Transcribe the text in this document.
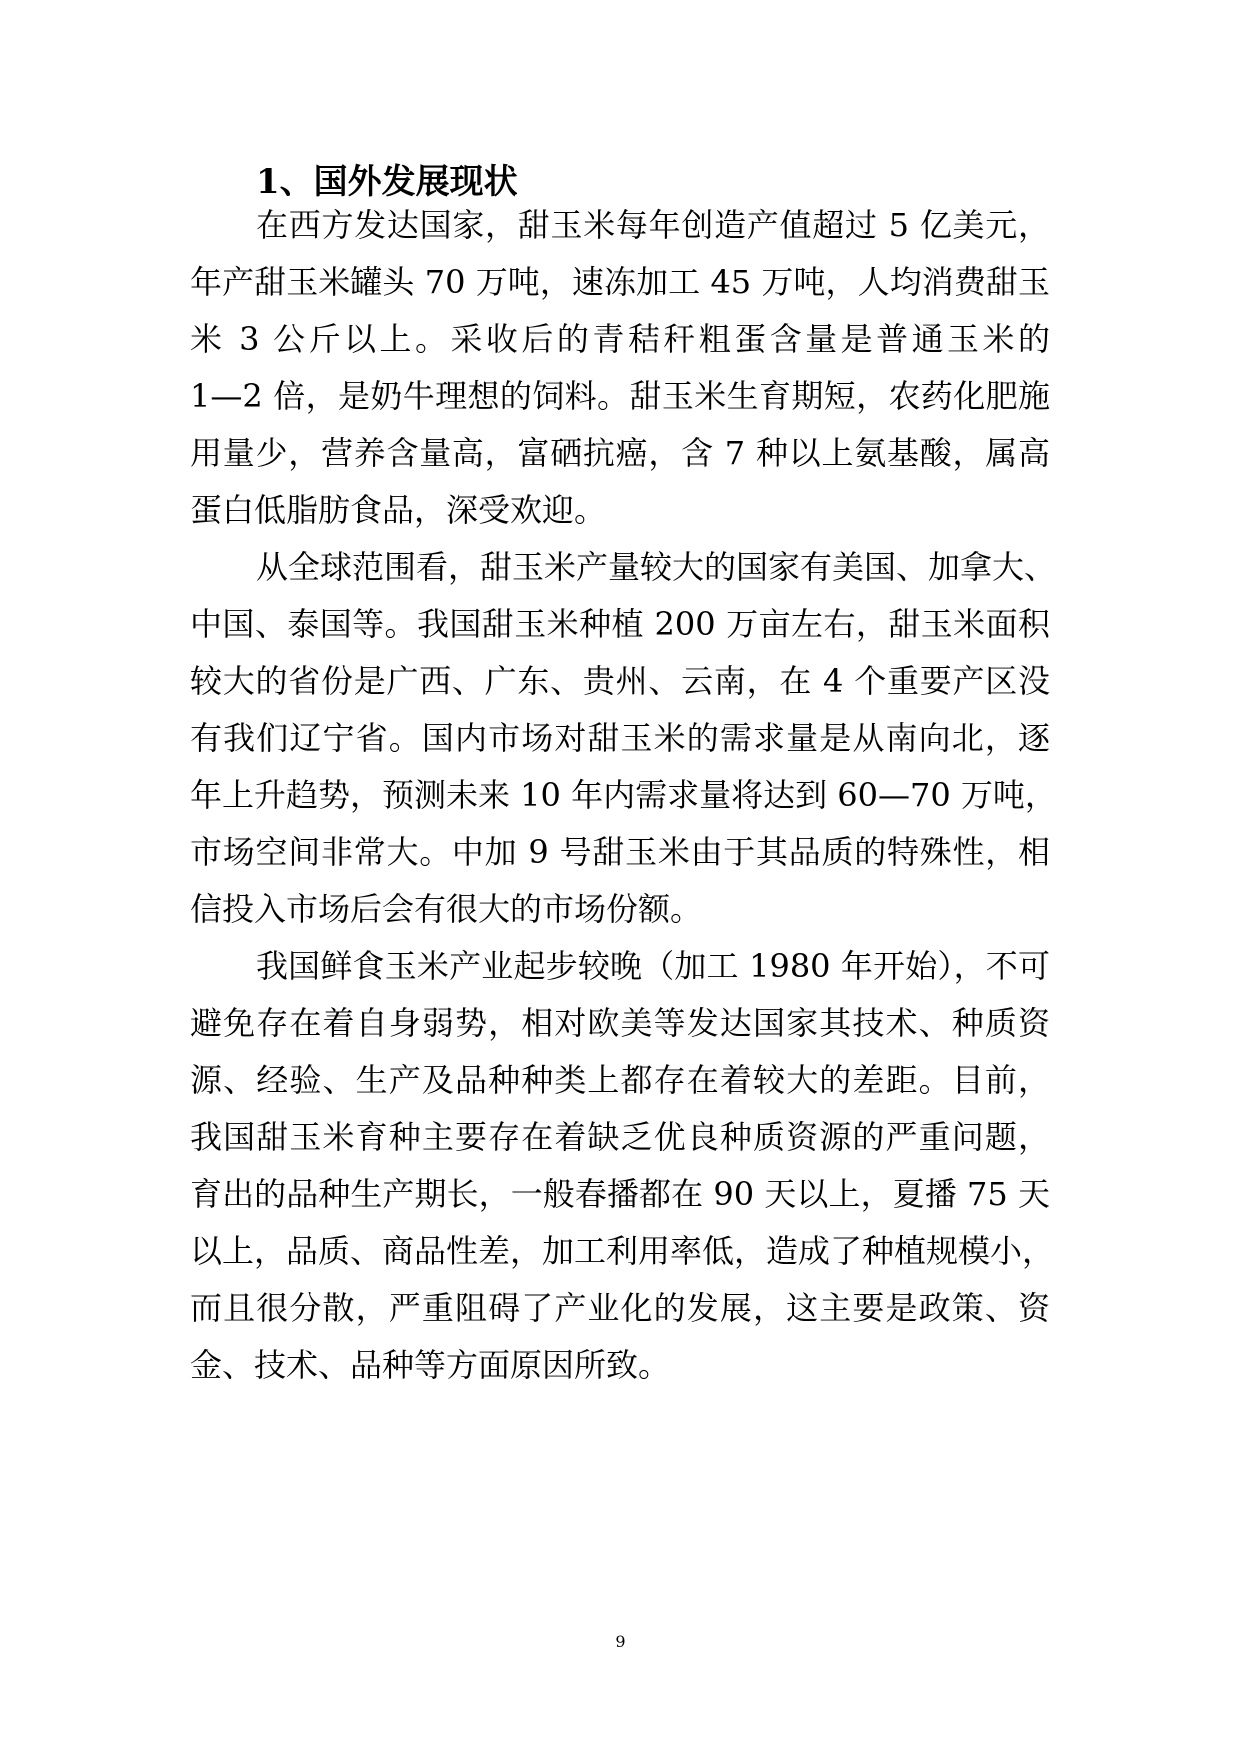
1、国外发展现状

在西方发达国家，甜玉米每年创造产值超过 5 亿美元，

年产甜玉米罐头 70 万吨，速冻加工 45 万吨，人均消费甜玉

米 3 公斤以上。采收后的青秸秆粗蛋含量是普通玉米的

1—2 倍，是奶牛理想的饲料。甜玉米生育期短，农药化肥施

用量少，营养含量高，富硒抗癌，含 7 种以上氨基酸，属高

蛋白低脂肪食品，深受欢迎。

从全球范围看，甜玉米产量较大的国家有美国、加拿大、

中国、泰国等。我国甜玉米种植 200 万亩左右，甜玉米面积

较大的省份是广西、广东、贵州、云南，在 4 个重要产区没

有我们辽宁省。国内市场对甜玉米的需求量是从南向北，逐

年上升趋势，预测未来 10 年内需求量将达到 60—70 万吨，

市场空间非常大。中加 9 号甜玉米由于其品质的特殊性，相

信投入市场后会有很大的市场份额。

我国鲜食玉米产业起步较晚（加工 1980 年开始），不可

避免存在着自身弱势，相对欧美等发达国家其技术、种质资

源、经验、生产及品种种类上都存在着较大的差距。目前，

我国甜玉米育种主要存在着缺乏优良种质资源的严重问题，

育出的品种生产期长，一般春播都在 90 天以上，夏播 75 天

以上，品质、商品性差，加工利用率低，造成了种植规模小，

而且很分散，严重阻碍了产业化的发展，这主要是政策、资

金、技术、品种等方面原因所致。

9
